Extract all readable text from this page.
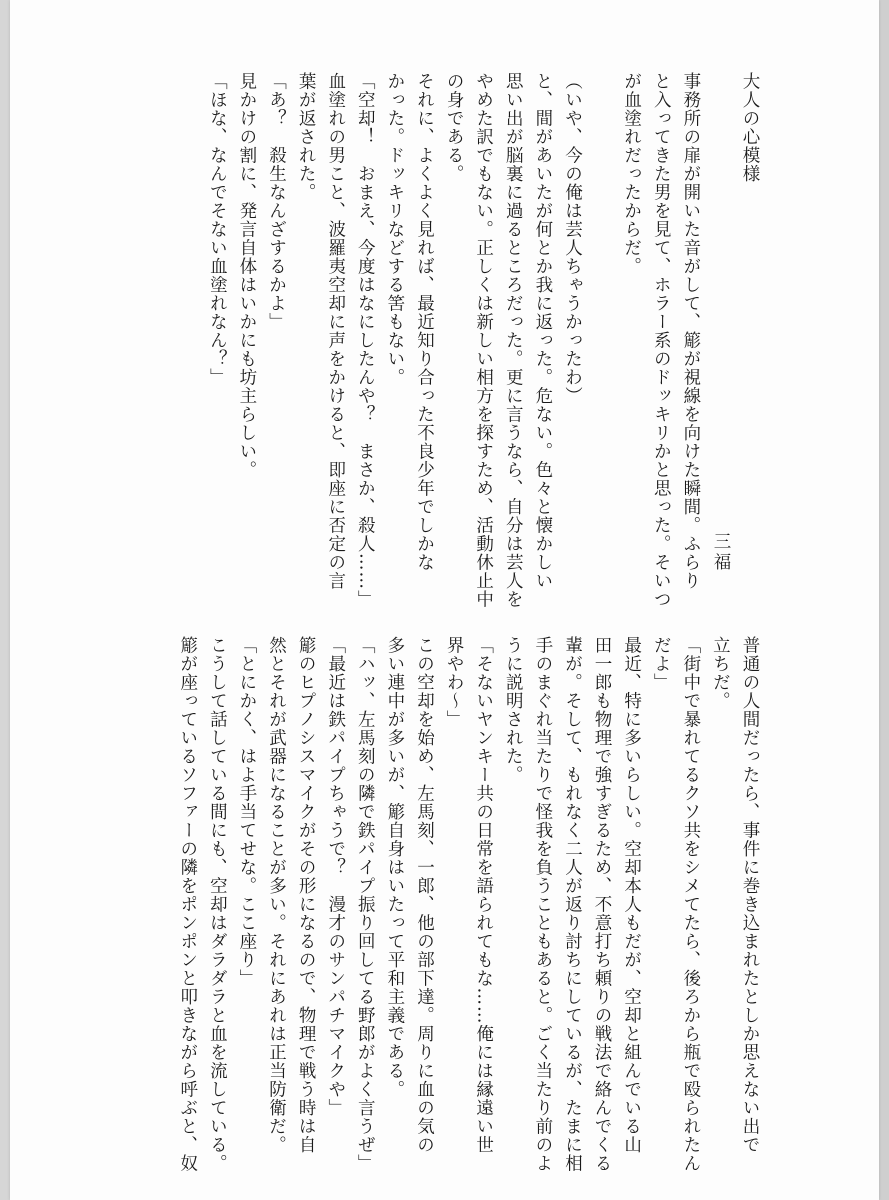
大人の心模様
三福

事務所の扉が開いた音がして、簓が視線を向けた瞬間。ふらり

と入ってきた男を見て、ホラー系のドッキリかと思った。そいつ

が血塗れだったからだ。

（いや、今の俺は芸人ちゃうかったわ）

と、間があいたが何とか我に返った。危ない。色々と懐かしい

思い出が脳裏に過るところだった。更に言うなら、自分は芸人を

やめた訳でもない。正しくは新しい相方を探すため、活動休止中

の身である。

それに、よくよく見れば、最近知り合った不良少年でしかな

かった。ドッキリなどする筈もない。

「空却！　おまえ、今度はなにしたんや？　まさか、殺人……」

血塗れの男こと、波羅夷空却に声をかけると、即座に否定の言

葉が返された。

「あ？　殺生なんざするかよ」

見かけの割に、発言自体はいかにも坊主らしい。

「ほな、なんでそない血塗れなん？」

普通の人間だったら、事件に巻き込まれたとしか思えない出で

立ちだ。

「街中で暴れてるクソ共をシメてたら、後ろから瓶で殴られたん

だよ」

最近、特に多いらしい。空却本人もだが、空却と組んでいる山

田一郎も物理で強すぎるため、不意打ち頼りの戦法で絡んでくる

輩が。そして、もれなく二人が返り討ちにしているが、たまに相

手のまぐれ当たりで怪我を負うこともあると。ごく当たり前のよ

うに説明された。

「そないヤンキー共の日常を語られてもな……俺には縁遠い世

界やわ〜」

この空却を始め、左馬刻、一郎、他の部下達。周りに血の気の

多い連中が多いが、簓自身はいたって平和主義である。

「ハッ、左馬刻の隣で鉄パイプ振り回してる野郎がよく言うぜ」

「最近は鉄パイプちゃうで？　漫才のサンパチマイクや」

簓のヒプノシスマイクがその形になるので、物理で戦う時は自

然とそれが武器になることが多い。それにあれは正当防衛だ。

「とにかく、はよ手当てせな。ここ座り」

こうして話している間にも、空却はダラダラと血を流している。

簓が座っているソファーの隣をポンポンと叩きながら呼ぶと、奴
